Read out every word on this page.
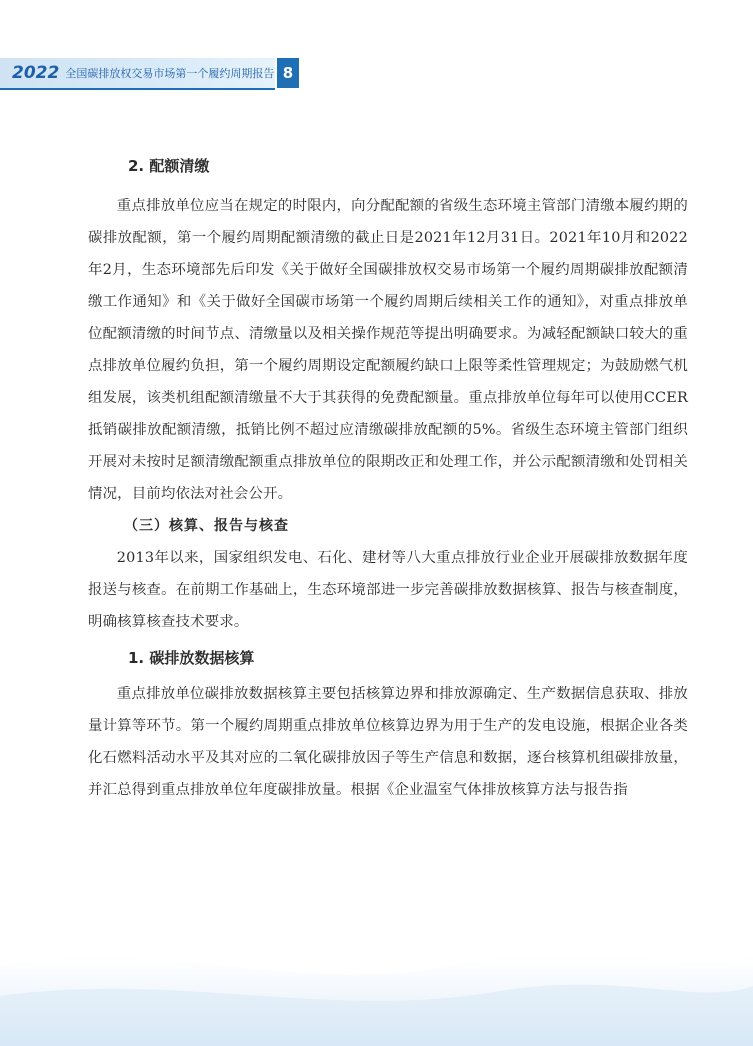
2022 全国碳排放权交易市场第一个履约周期报告 8
2. 配额清缴

重点排放单位应当在规定的时限内，向分配配额的省级生态环境主管部门清缴本履约期的碳排放配额，第一个履约周期配额清缴的截止日是2021年12月31日。2021年10月和2022年2月，生态环境部先后印发《关于做好全国碳排放权交易市场第一个履约周期碳排放配额清缴工作通知》和《关于做好全国碳市场第一个履约周期后续相关工作的通知》，对重点排放单位配额清缴的时间节点、清缴量以及相关操作规范等提出明确要求。为减轻配额缺口较大的重点排放单位履约负担，第一个履约周期设定配额履约缺口上限等柔性管理规定；为鼓励燃气机组发展，该类机组配额清缴量不大于其获得的免费配额量。重点排放单位每年可以使用CCER抵销碳排放配额清缴，抵销比例不超过应清缴碳排放配额的5%。省级生态环境主管部门组织开展对未按时足额清缴配额重点排放单位的限期改正和处理工作，并公示配额清缴和处罚相关情况，目前均依法对社会公开。

（三）核算、报告与核查

2013年以来，国家组织发电、石化、建材等八大重点排放行业企业开展碳排放数据年度报送与核查。在前期工作基础上，生态环境部进一步完善碳排放数据核算、报告与核查制度，明确核算核查技术要求。

1. 碳排放数据核算

重点排放单位碳排放数据核算主要包括核算边界和排放源确定、生产数据信息获取、排放量计算等环节。第一个履约周期重点排放单位核算边界为用于生产的发电设施，根据企业各类化石燃料活动水平及其对应的二氧化碳排放因子等生产信息和数据，逐台核算机组碳排放量，并汇总得到重点排放单位年度碳排放量。根据《企业温室气体排放核算方法与报告指
